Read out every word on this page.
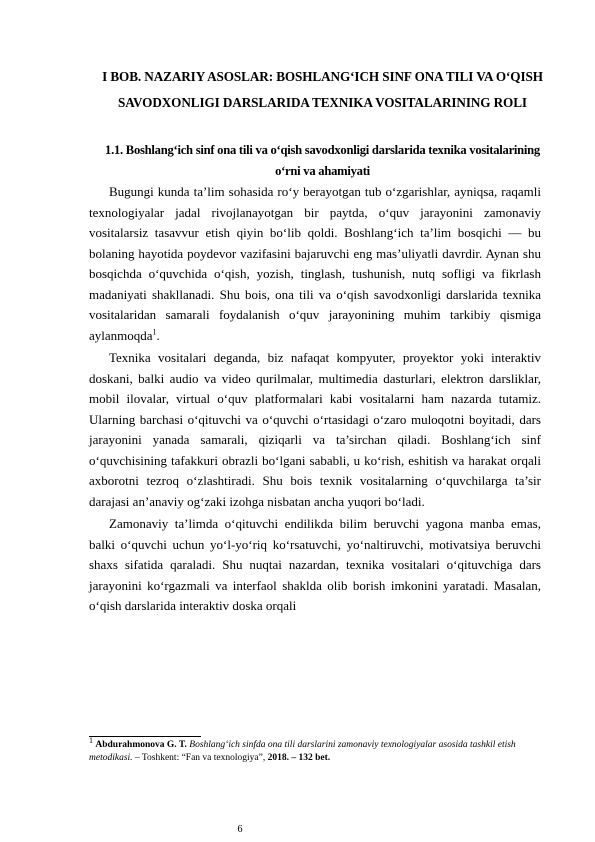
I BOB. NAZARIY ASOSLAR: BOSHLANG‘ICH SINF ONA TILI VA O‘QISH SAVODXONLIGI DARSLARIDA TEXNIKA VOSITALARINING ROLI
1.1. Boshlang‘ich sinf ona tili va o‘qish savodxonligi darslarida texnika vositalarining o‘rni va ahamiyati

Bugungi kunda ta’lim sohasida ro‘y berayotgan tub o‘zgarishlar, ayniqsa, raqamli texnologiyalar jadal rivojlanayotgan bir paytda, o‘quv jarayonini zamonaviy vositalarsiz tasavvur etish qiyin bo‘lib qoldi. Boshlang‘ich ta’lim bosqichi — bu bolaning hayotida poydevor vazifasini bajaruvchi eng mas’uliyatli davrdir. Aynan shu bosqichda o‘quvchida o‘qish, yozish, tinglash, tushunish, nutq sofligi va fikrlash madaniyati shakllanadi. Shu bois, ona tili va o‘qish savodxonligi darslarida texnika vositalaridan samarali foydalanish o‘quv jarayonining muhim tarkibiy qismiga aylanmoqda$^1$.

Texnika vositalari deganda, biz nafaqat kompyuter, proyektor yoki interaktiv doskani, balki audio va video qurilmalar, multimedia dasturlari, elektron darsliklar, mobil ilovalar, virtual o‘quv platformalari kabi vositalarni ham nazarda tutamiz. Ularning barchasi o‘qituvchi va o‘quvchi o‘rtasidagi o‘zaro muloqotni boyitadi, dars jarayonini yanada samarali, qiziqarli va ta’sirchan qiladi. Boshlang‘ich sinf o‘quvchisining tafakkuri obrazli bo‘lgani sababli, u ko‘rish, eshitish va harakat orqali axborotni tezroq o‘zlashtiradi. Shu bois texnik vositalarning o‘quvchilarga ta’sir darajasi an’anaviy og‘zaki izohga nisbatan ancha yuqori bo‘ladi.

Zamonaviy ta’limda o‘qituvchi endilikda bilim beruvchi yagona manba emas, balki o‘quvchi uchun yo‘l-yo‘riq ko‘rsatuvchi, yo‘naltiruvchi, motivatsiya beruvchi shaxs sifatida qaraladi. Shu nuqtai nazardan, texnika vositalari o‘qituvchiga dars jarayonini ko‘rgazmali va interfaol shaklda olib borish imkonini yaratadi. Masalan, o‘qish darslarida interaktiv doska orqali

$^1$ Abdurahmonova G. T. Boshlang‘ich sinfda ona tili darslarini zamonaviy texnologiyalar asosida tashkil etish metodikasi. – Toshkent: “Fan va texnologiya”, 2018. – 132 bet.
6
